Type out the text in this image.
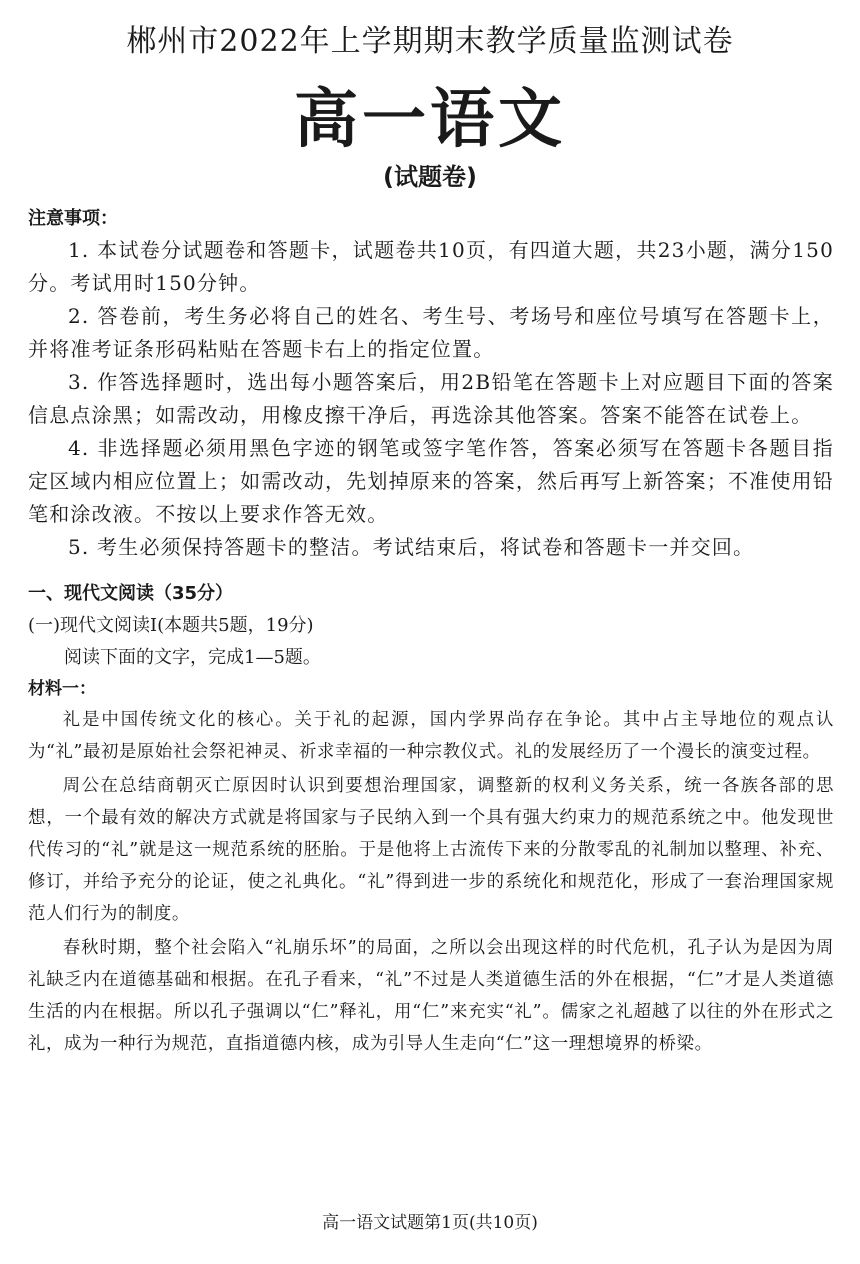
郴州市2022年上学期期末教学质量监测试卷
高一语文
(试题卷)
注意事项：

1. 本试卷分试题卷和答题卡，试题卷共10页，有四道大题，共23小题，满分150分。考试用时150分钟。

2. 答卷前，考生务必将自己的姓名、考生号、考场号和座位号填写在答题卡上，并将准考证条形码粘贴在答题卡右上的指定位置。

3. 作答选择题时，选出每小题答案后，用2B铅笔在答题卡上对应题目下面的答案信息点涂黑；如需改动，用橡皮擦干净后，再选涂其他答案。答案不能答在试卷上。

4. 非选择题必须用黑色字迹的钢笔或签字笔作答，答案必须写在答题卡各题目指定区域内相应位置上；如需改动，先划掉原来的答案，然后再写上新答案；不准使用铅笔和涂改液。不按以上要求作答无效。

5. 考生必须保持答题卡的整洁。考试结束后，将试卷和答题卡一并交回。

一、现代文阅读（35分）
(一)现代文阅读Ⅰ(本题共5题，19分)
阅读下面的文字，完成1—5题。
材料一：

礼是中国传统文化的核心。关于礼的起源，国内学界尚存在争论。其中占主导地位的观点认为“礼”最初是原始社会祭祀神灵、祈求幸福的一种宗教仪式。礼的发展经历了一个漫长的演变过程。

周公在总结商朝灭亡原因时认识到要想治理国家，调整新的权利义务关系，统一各族各部的思想，一个最有效的解决方式就是将国家与子民纳入到一个具有强大约束力的规范系统之中。他发现世代传习的“礼”就是这一规范系统的胚胎。于是他将上古流传下来的分散零乱的礼制加以整理、补充、修订，并给予充分的论证，使之礼典化。“礼”得到进一步的系统化和规范化，形成了一套治理国家规范人们行为的制度。

春秋时期，整个社会陷入“礼崩乐坏”的局面，之所以会出现这样的时代危机，孔子认为是因为周礼缺乏内在道德基础和根据。在孔子看来，“礼”不过是人类道德生活的外在根据，“仁”才是人类道德生活的内在根据。所以孔子强调以“仁”释礼，用“仁”来充实“礼”。儒家之礼超越了以往的外在形式之礼，成为一种行为规范，直指道德内核，成为引导人生走向“仁”这一理想境界的桥梁。

高一语文试题第1页(共10页)
